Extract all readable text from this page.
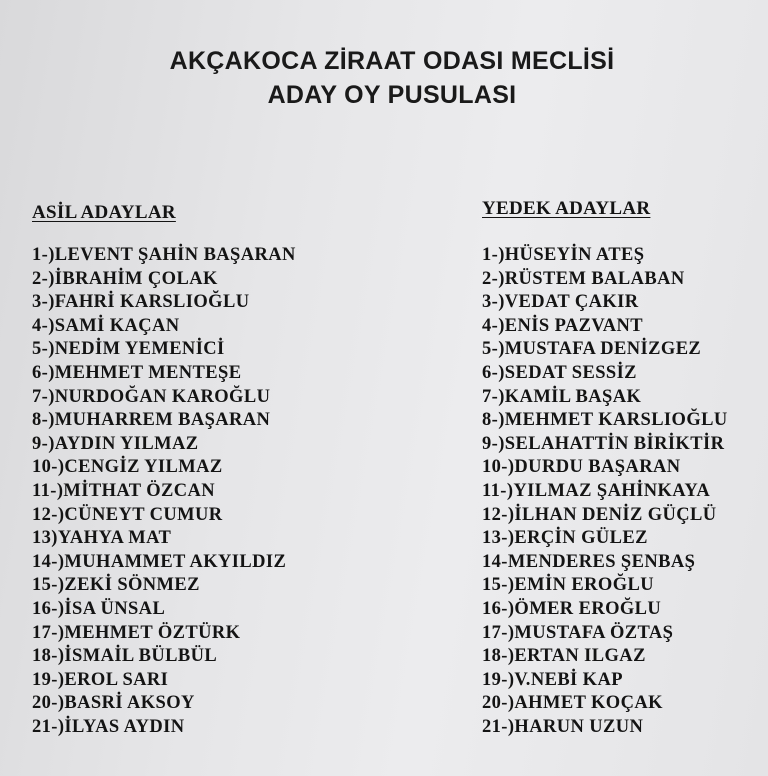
AKÇAKOCA ZİRAAT ODASI MECLİSİ
ADAY OY PUSULASI
ASİL ADAYLAR
1-)LEVENT ŞAHİN BAŞARAN
2-)İBRAHİM ÇOLAK
3-)FAHRİ KARSLIOĞLU
4-)SAMİ KAÇAN
5-)NEDİM YEMENİCİ
6-)MEHMET MENTEŞE
7-)NURDOĞAN KAROĞLU
8-)MUHARREM BAŞARAN
9-)AYDIN YILMAZ
10-)CENGİZ YILMAZ
11-)MİTHAT ÖZCAN
12-)CÜNEYT CUMUR
13)YAHYA MAT
14-)MUHAMMET AKYILDIZ
15-)ZEKİ SÖNMEZ
16-)İSA ÜNSAL
17-)MEHMET ÖZTÜRK
18-)İSMAİL BÜLBÜL
19-)EROL SARI
20-)BASRİ AKSOY
21-)İLYAS AYDIN
YEDEK ADAYLAR
1-)HÜSEYİN ATEŞ
2-)RÜSTEM BALABAN
3-)VEDAT ÇAKIR
4-)ENİS PAZVANT
5-)MUSTAFA DENİZGEZ
6-)SEDAT SESSİZ
7-)KAMİL BAŞAK
8-)MEHMET KARSLIOĞLU
9-)SELAHATTİN BİRİKTİR
10-)DURDU BAŞARAN
11-)YILMAZ ŞAHİNKAYA
12-)İLHAN DENİZ GÜÇLÜ
13-)ERÇİN GÜLEZ
14-MENDERES ŞENBAŞ
15-)EMİN EROĞLU
16-)ÖMER EROĞLU
17-)MUSTAFA ÖZTAŞ
18-)ERTAN ILGAZ
19-)V.NEBİ KAP
20-)AHMET KOÇAK
21-)HARUN UZUN
